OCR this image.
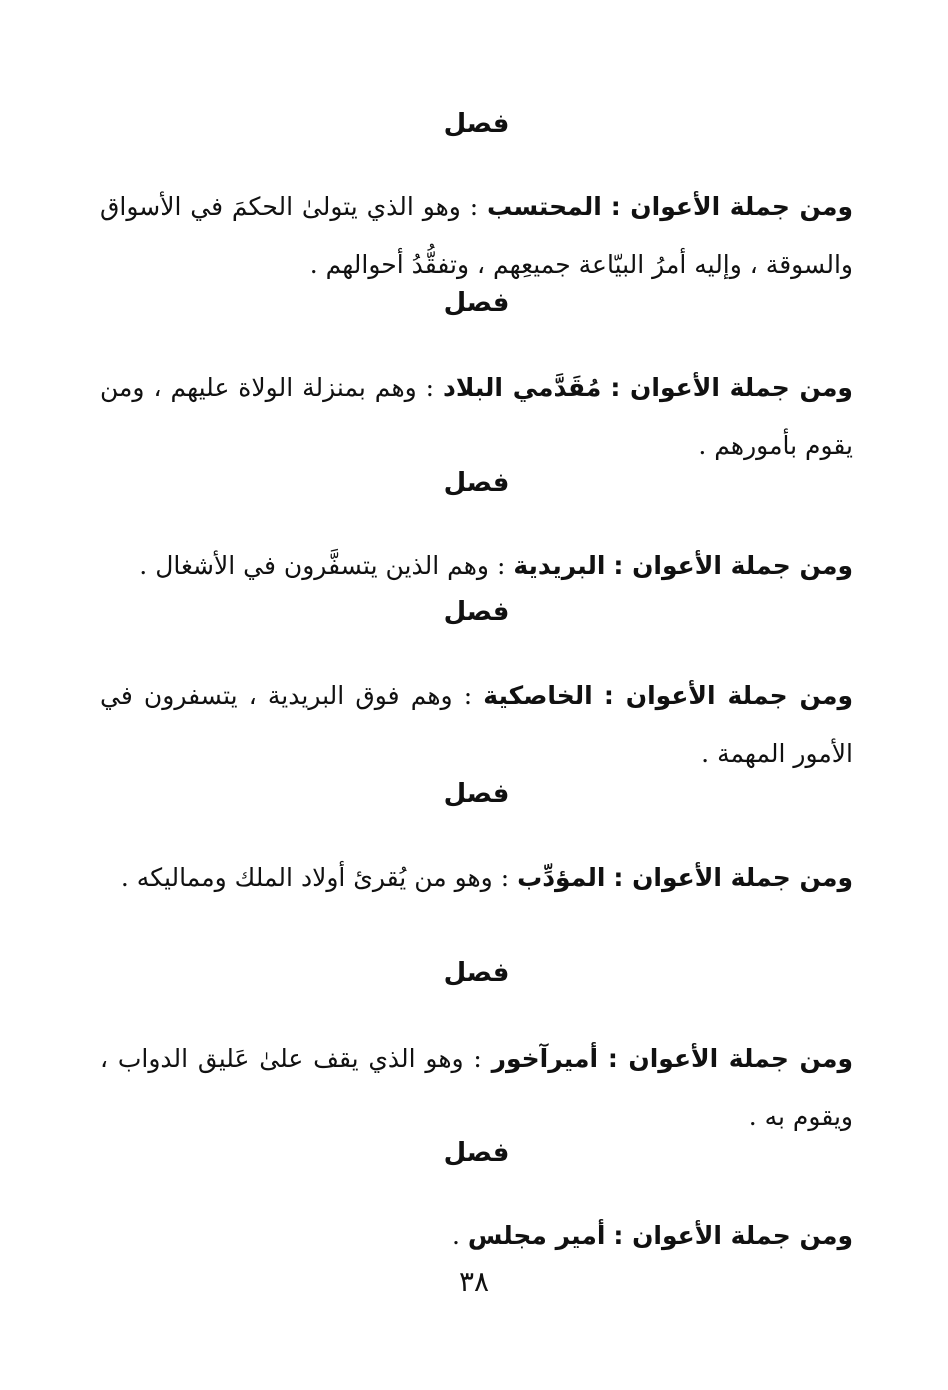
فصل

ومن جملة الأعوان : المحتسب : وهو الذي يتولىٰ الحكمَ في الأسواق والسوقة ، وإليه أمرُ البيّاعة جميعِهم ، وتفقُّدُ أحوالهم .

فصل

ومن جملة الأعوان : مُقَدَّمي البلاد : وهم بمنزلة الولاة عليهم ، ومن يقوم بأمورهم .

فصل

ومن جملة الأعوان : البريدية : وهم الذين يتسفَّرون في الأشغال .

فصل

ومن جملة الأعوان : الخاصكية : وهم فوق البريدية ، يتسفرون في الأمور المهمة .

فصل

ومن جملة الأعوان : المؤدِّب : وهو من يُقرئ أولاد الملك ومماليكه .

فصل

ومن جملة الأعوان : أميرآخور : وهو الذي يقف علىٰ عَليق الدواب ، ويقوم به .

فصل

ومن جملة الأعوان : أمير مجلس .

٣٨
